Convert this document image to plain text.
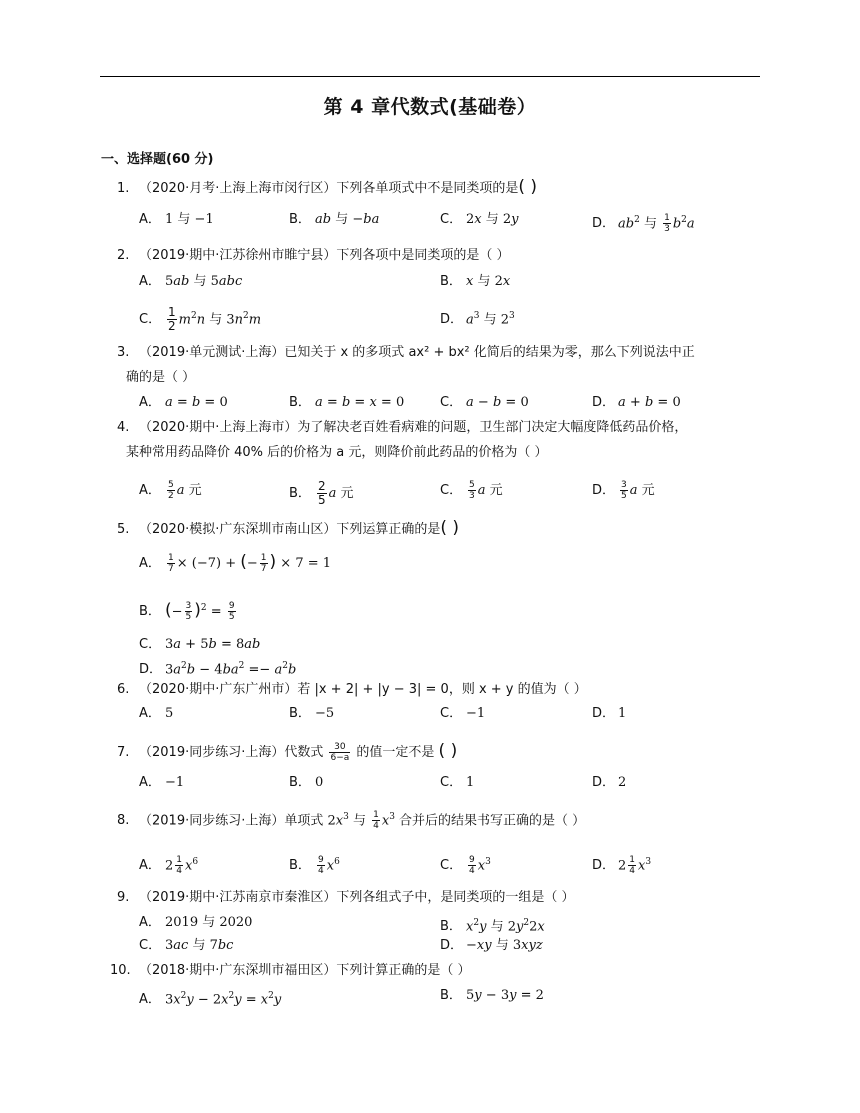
第 4 章代数式(基础卷）
一、选择题(60 分)
1. （2020·月考·上海上海市闵行区）下列各单项式中不是同类项的是( )
A． 1 与 −1	B． ab 与 −ba	C． 2x 与 2y	D． $ab^2$ 与 $\frac{1}{3} b^2a$
2. （2019·期中·江苏徐州市睢宁县）下列各项中是同类项的是（ ）
A． 5ab 与 5abc	B． x 与 2x
C． $\frac{1}{2} m^2n$ 与 $3n^2m$	D． $a^3$ 与 $2^3$
3. （2019·单元测试·上海）已知关于 x 的多项式 ax² + bx² 化简后的结果为零，那么下列说法中正
确的是（ ）
A． a = b = 0	B． a = b = x = 0	C． a − b = 0	D． a + b = 0
4. （2020·期中·上海上海市）为了解决老百姓看病难的问题，卫生部门决定大幅度降低药品价格，
某种常用药品降价 40% 后的价格为 a 元，则降价前此药品的价格为（ ）
A． $\frac{5}{2}$ a 元	B． $\frac{2}{5}$ a 元	C． $\frac{5}{3}$ a 元	D． $\frac{3}{5}$ a 元
5. （2020·模拟·广东深圳市南山区）下列运算正确的是( )
A． $\frac{1}{7} \times (-7)$ + (− $\frac{1}{7}$ ) × 7 = 1
B． (− $\frac{3}{5} )^2 = \frac{9}{5}$
C． 3a + 5b = 8ab
D． $3a^2b - 4ba^2 =- a^2b$
6. （2020·期中·广东广州市）若 |x + 2| + |y − 3| = 0，则 x + y 的值为（ ）
A． 5	B． −5	C． −1	D． 1
7. （2019·同步练习·上海）代数式 $\frac{30}{6-a}$ 的值一定不是 ( )
A． −1	B． 0	C． 1	D． 2
8. （2019·同步练习·上海）单项式 $2x^3$ 与 $\frac{1}{4} x^3$ 合并后的结果书写正确的是（ ）
A． $2 \frac{1}{4} x^6$	B． $\frac{9}{4} x^6$	C． $\frac{9}{4} x^3$	D． $2 \frac{1}{4} x^3$
9. （2019·期中·江苏南京市秦淮区）下列各组式子中，是同类项的一组是（ ）
A． 2019 与 2020	B． $x^2y$ 与 $2y^22x$
C． 3ac 与 7bc	D． −xy 与 3xyz
10. （2018·期中·广东深圳市福田区）下列计算正确的是（ ）
A． $3x^2y - 2x^2y = x^2y$	B． 5y − 3y = 2
